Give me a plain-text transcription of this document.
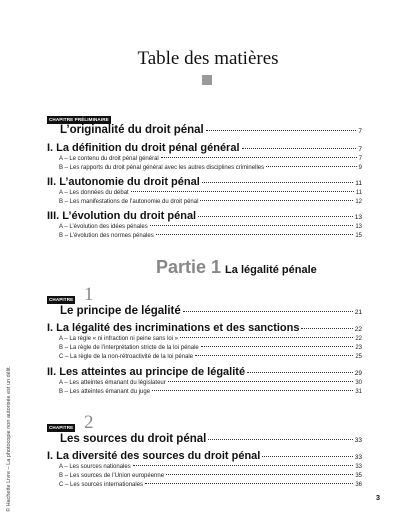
Table des matières
© Hachette Livre – La photocopie non autorisée est un délit.
CHAPITRE PRÉLIMINAIRE
L’originalité du droit pénal	7
I. La définition du droit pénal général	7
A – Le contenu du droit pénal général	7
B – Les rapports du droit pénal général avec les autres disciplines criminelles	9
II. L’autonomie du droit pénal	11
A – Les données du débat	11
B – Les manifestations de l’autonomie du droit pénal	12
III. L’évolution du droit pénal	13
A – L’évolution des idées pénales	13
B – L’évolution des normes pénales	15
Partie 1 La légalité pénale
CHAPITRE 1
Le principe de légalité	21
I. La légalité des incriminations et des sanctions	22
A – La règle « ni infraction ni peine sans loi »	22
B – La règle de l’interprétation stricte de la loi pénale	23
C – La règle de la non-rétroactivité de la loi pénale	25
II. Les atteintes au principe de légalité	29
A – Les atteintes émanant du législateur	30
B – Les atteintes émanant du juge	31
CHAPITRE 2
Les sources du droit pénal	33
I. La diversité des sources du droit pénal	33
A – Les sources nationales	33
B – Les sources de l’Union européenne	35
C – Les sources internationales	36
3
